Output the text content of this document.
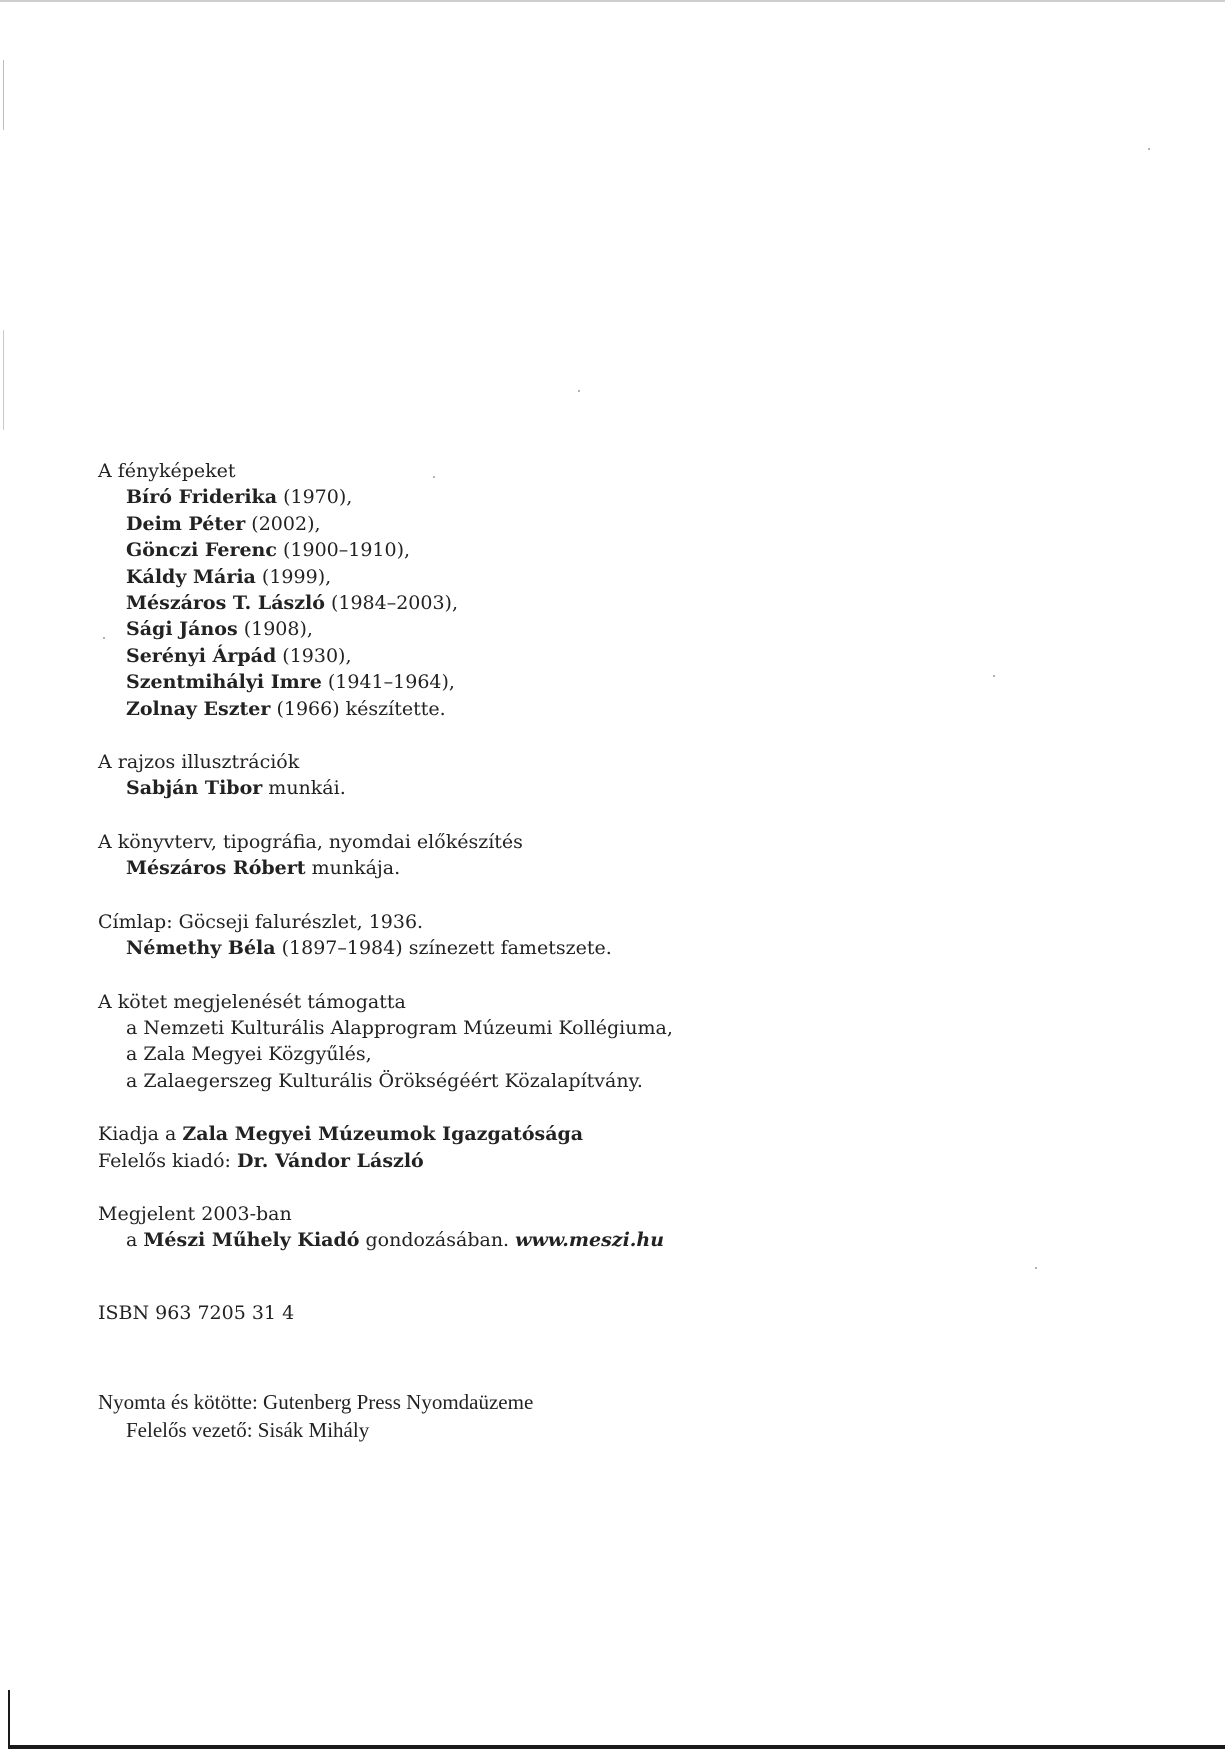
A fényképeket
Bíró Friderika (1970),
Deim Péter (2002),
Gönczi Ferenc (1900–1910),
Káldy Mária (1999),
Mészáros T. László (1984–2003),
Sági János (1908),
Serényi Árpád (1930),
Szentmihályi Imre (1941–1964),
Zolnay Eszter (1966) készítette.
A rajzos illusztrációk
Sabján Tibor munkái.
A könyvterv, tipográfia, nyomdai előkészítés
Mészáros Róbert munkája.
Címlap: Göcseji falurészlet, 1936.
Némethy Béla (1897–1984) színezett fametszete.
A kötet megjelenését támogatta
a Nemzeti Kulturális Alapprogram Múzeumi Kollégiuma,
a Zala Megyei Közgyűlés,
a Zalaegerszeg Kulturális Örökségéért Közalapítvány.
Kiadja a Zala Megyei Múzeumok Igazgatósága
Felelős kiadó: Dr. Vándor László
Megjelent 2003-ban
a Mészi Műhely Kiadó gondozásában. www.meszi.hu
ISBN 963 7205 31 4
Nyomta és kötötte: Gutenberg Press Nyomdaüzeme
Felelős vezető: Sisák Mihály
